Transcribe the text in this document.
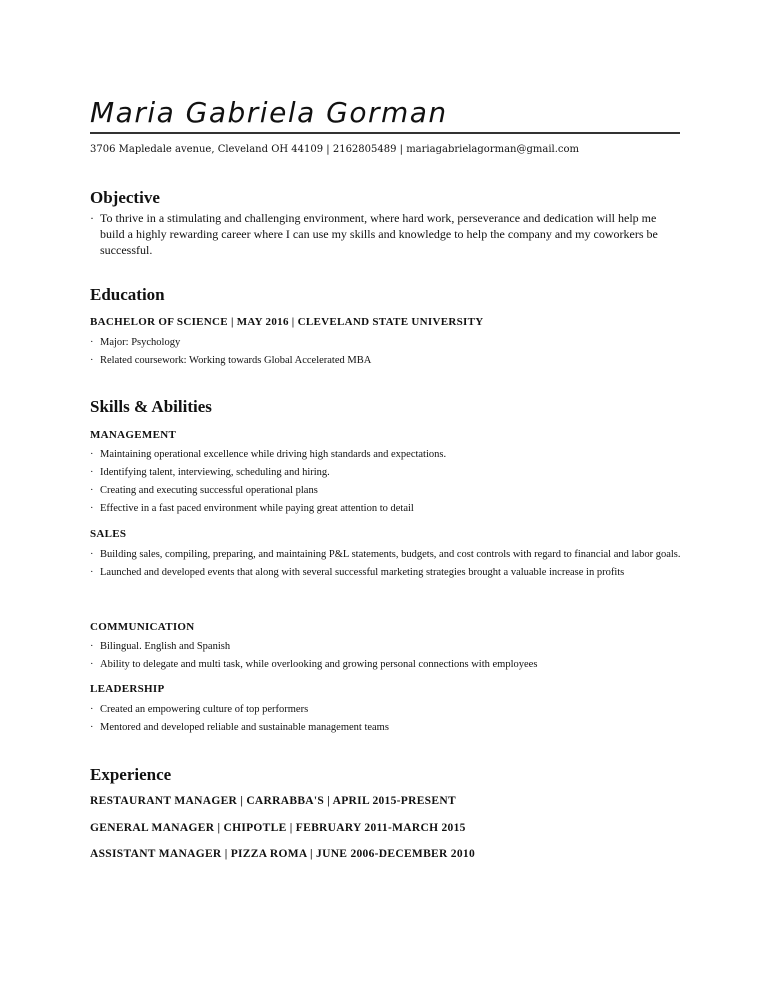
Maria Gabriela Gorman
3706 Mapledale avenue, Cleveland OH 44109 | 2162805489 | mariagabrielagorman@gmail.com
Objective
· To thrive in a stimulating and challenging environment, where hard work, perseverance and dedication will help me build a highly rewarding career where I can use my skills and knowledge to help the company and my coworkers be successful.
Education
BACHELOR OF SCIENCE | MAY 2016 | CLEVELAND STATE UNIVERSITY
· Major: Psychology
· Related coursework: Working towards Global Accelerated MBA
Skills & Abilities
MANAGEMENT
· Maintaining operational excellence while driving high standards and expectations.
· Identifying talent, interviewing, scheduling and hiring.
· Creating and executing successful operational plans
· Effective in a fast paced environment while paying great attention to detail
SALES
· Building sales, compiling, preparing, and maintaining P&L statements, budgets, and cost controls with regard to financial and labor goals.
· Launched and developed events that along with several successful marketing strategies brought a valuable increase in profits
COMMUNICATION
· Bilingual. English and Spanish
· Ability to delegate and multi task, while overlooking and growing personal connections with employees
LEADERSHIP
· Created an empowering culture of top performers
· Mentored and developed reliable and sustainable management teams
Experience
RESTAURANT MANAGER | CARRABBA'S | APRIL 2015-PRESENT
GENERAL MANAGER | CHIPOTLE | FEBRUARY 2011-MARCH 2015
ASSISTANT MANAGER | PIZZA ROMA | JUNE 2006-DECEMBER 2010
